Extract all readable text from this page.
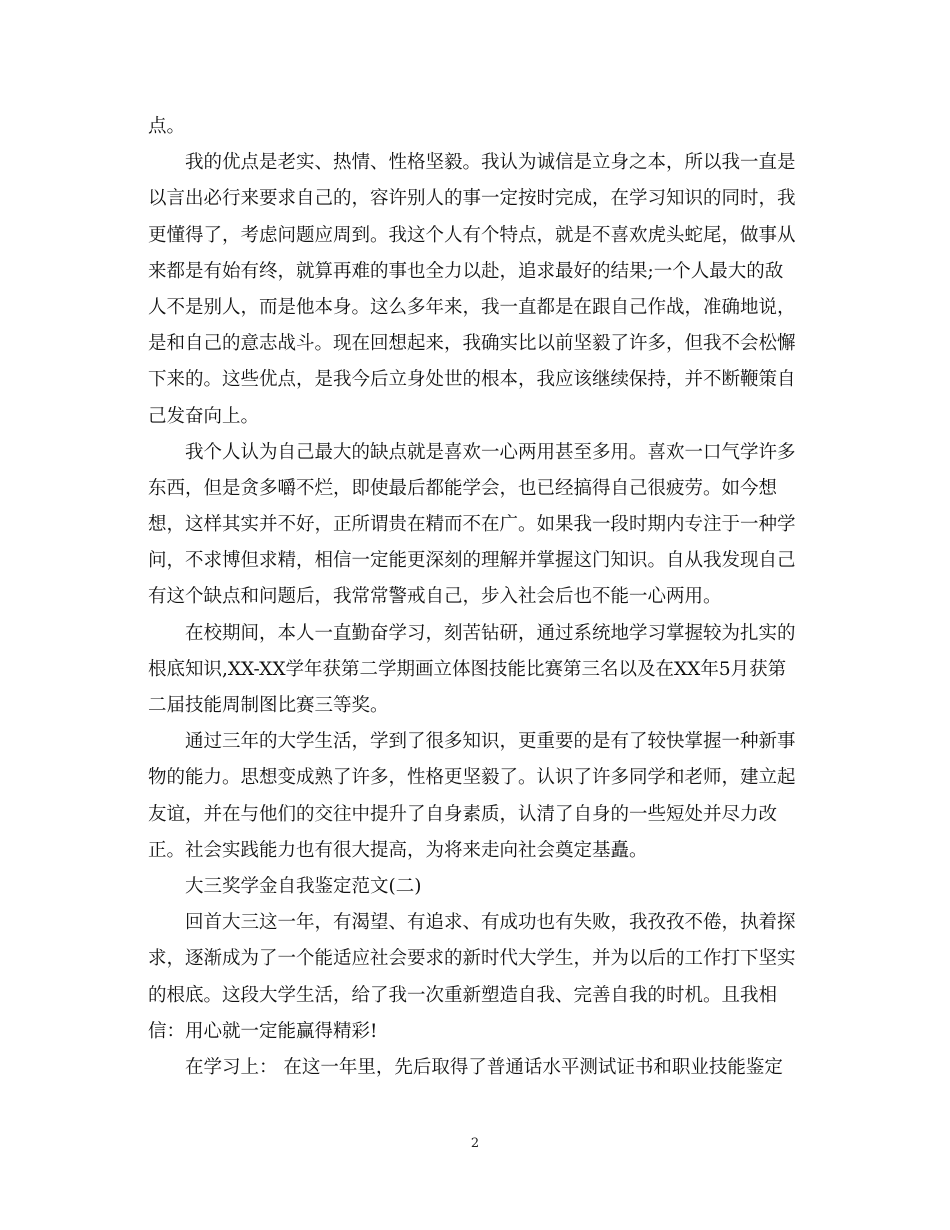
点。
我的优点是老实、热情、性格坚毅。我认为诚信是立身之本，所以我一直是
以言出必行来要求自己的，容许别人的事一定按时完成，在学习知识的同时，我
更懂得了，考虑问题应周到。我这个人有个特点，就是不喜欢虎头蛇尾，做事从
来都是有始有终，就算再难的事也全力以赴，追求最好的结果;一个人最大的敌
人不是别人，而是他本身。这么多年来，我一直都是在跟自己作战，准确地说，
是和自己的意志战斗。现在回想起来，我确实比以前坚毅了许多，但我不会松懈
下来的。这些优点，是我今后立身处世的根本，我应该继续保持，并不断鞭策自
己发奋向上。
我个人认为自己最大的缺点就是喜欢一心两用甚至多用。喜欢一口气学许多
东西，但是贪多嚼不烂，即使最后都能学会，也已经搞得自己很疲劳。如今想
想，这样其实并不好，正所谓贵在精而不在广。如果我一段时期内专注于一种学
问，不求博但求精，相信一定能更深刻的理解并掌握这门知识。自从我发现自己
有这个缺点和问题后，我常常警戒自己，步入社会后也不能一心两用。
在校期间，本人一直勤奋学习，刻苦钻研，通过系统地学习掌握较为扎实的
根底知识,XX-XX学年获第二学期画立体图技能比赛第三名以及在XX年5月获第
二届技能周制图比赛三等奖。
通过三年的大学生活，学到了很多知识，更重要的是有了较快掌握一种新事
物的能力。思想变成熟了许多，性格更坚毅了。认识了许多同学和老师，建立起
友谊，并在与他们的交往中提升了自身素质，认清了自身的一些短处并尽力改
正。社会实践能力也有很大提高，为将来走向社会奠定基矗。
大三奖学金自我鉴定范文(二)
回首大三这一年，有渴望、有追求、有成功也有失败，我孜孜不倦，执着探
求，逐渐成为了一个能适应社会要求的新时代大学生，并为以后的工作打下坚实
的根底。这段大学生活，给了我一次重新塑造自我、完善自我的时机。且我相
信：用心就一定能赢得精彩!
在学习上： 在这一年里，先后取得了普通话水平测试证书和职业技能鉴定
2
